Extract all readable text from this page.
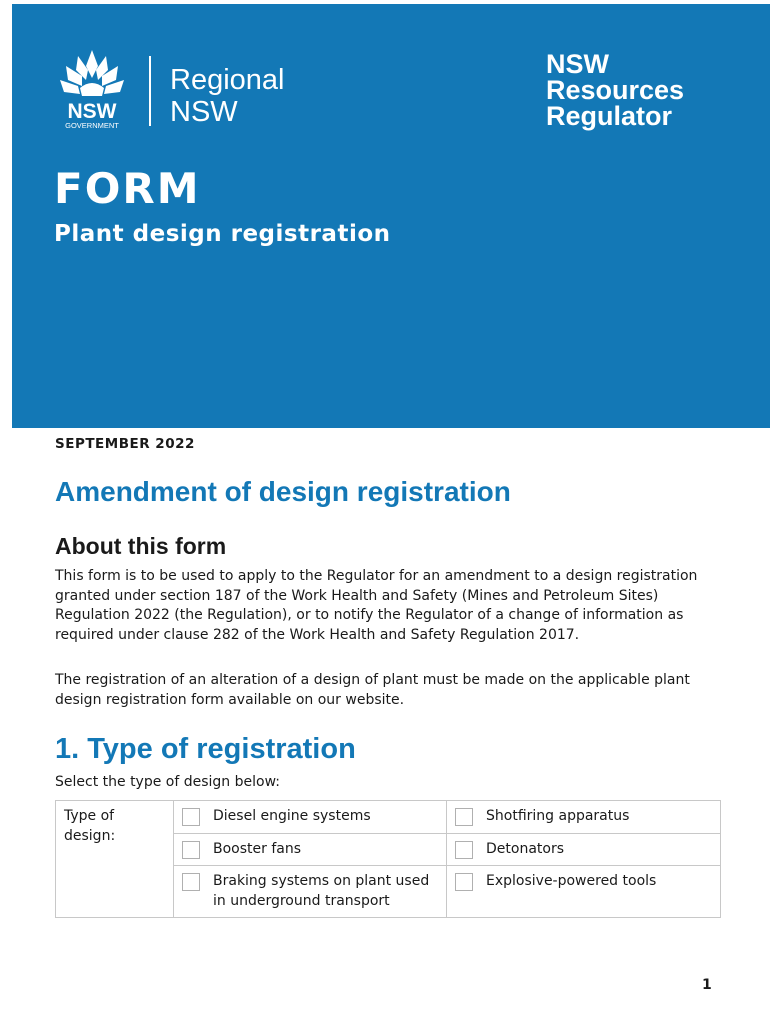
NSW
GOVERNMENT
Regional
NSW
NSW
Resources
Regulator
FORM
Plant design registration
SEPTEMBER 2022
Amendment of design registration
About this form
This form is to be used to apply to the Regulator for an amendment to a design registration granted under section 187 of the Work Health and Safety (Mines and Petroleum Sites) Regulation 2022 (the Regulation), or to notify the Regulator of a change of information as required under clause 282 of the Work Health and Safety Regulation 2017.
The registration of an alteration of a design of plant must be made on the applicable plant design registration form available on our website.
1. Type of registration
Select the type of design below:
Type of design:	Diesel engine systems	Shotfiring apparatus

	Booster fans	Detonators

	Braking systems on plant used in underground transport	Explosive-powered tools
1
